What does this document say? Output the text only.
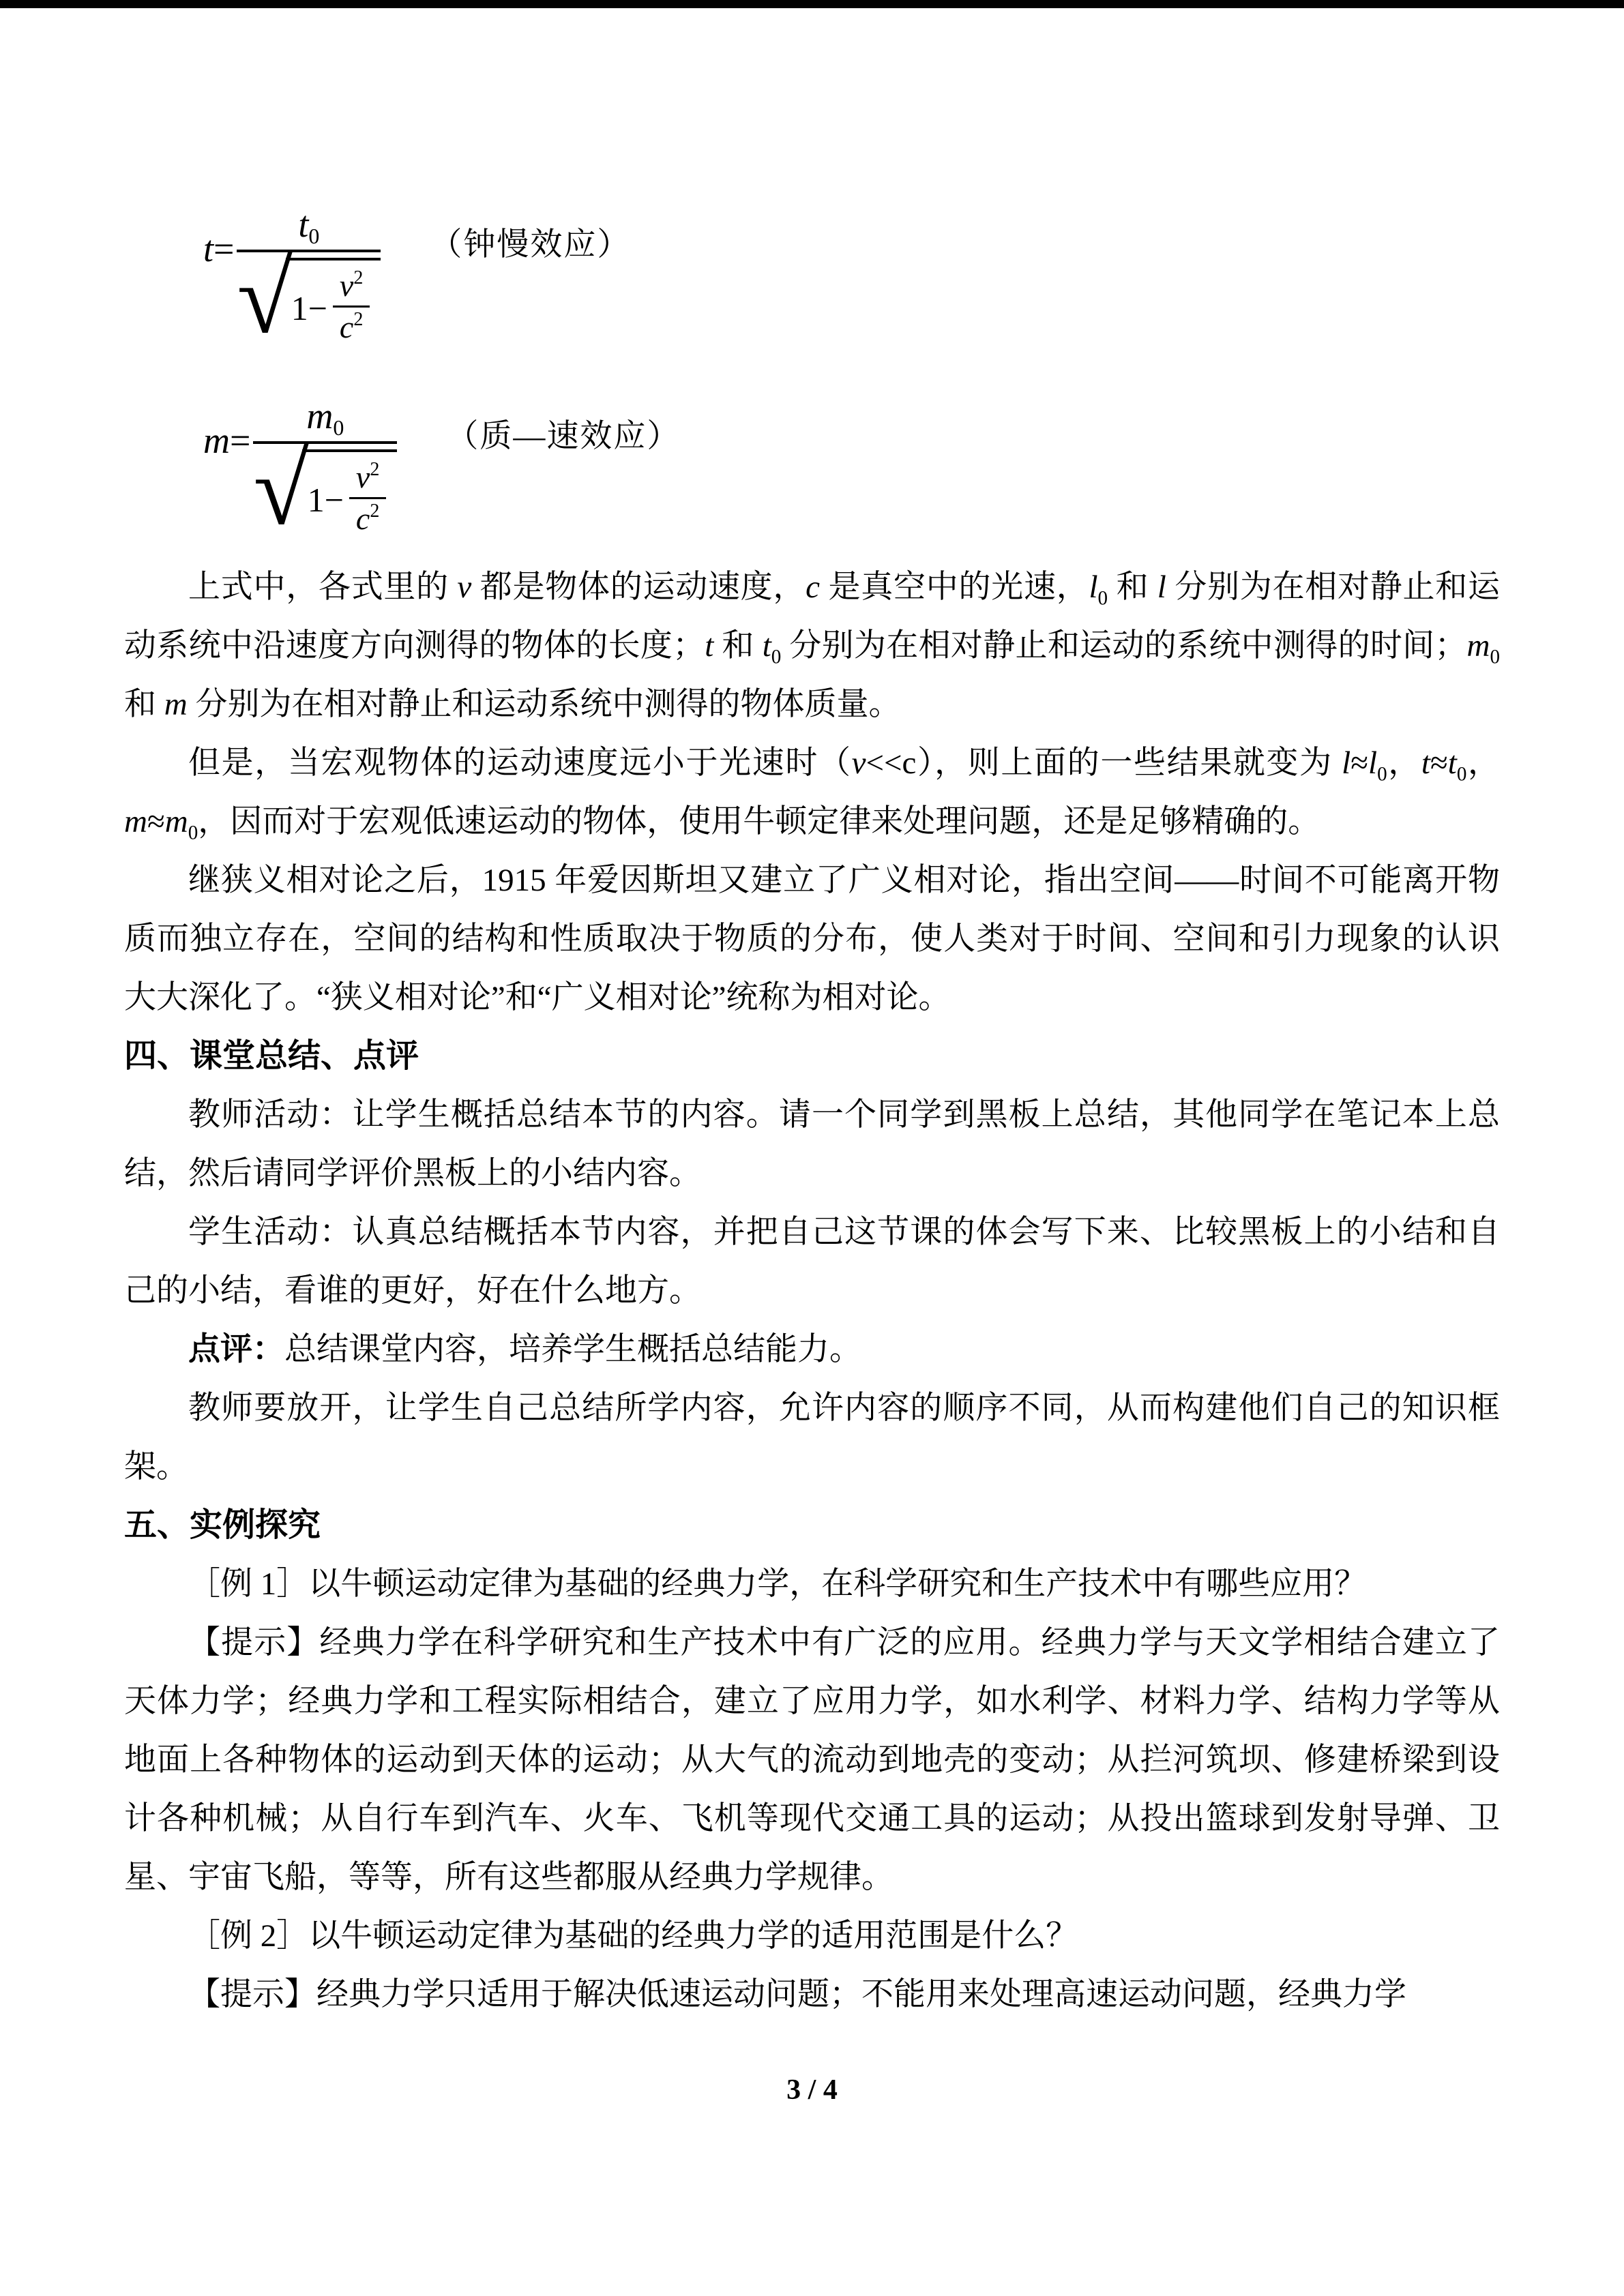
t =
$t_0$
√
$1- \frac{v^2}{c^2}$
（钟慢效应）
m =
$m_0$
√
$1- \frac{v^2}{c^2}$
（质—速效应）

上式中，各式里的 v 都是物体的运动速度，c 是真空中的光速，$l_0$ 和 l 分别为在相对静止和运动系统中沿速度方向测得的物体的长度；t 和 $t_0$ 分别为在相对静止和运动的系统中测得的时间；$m_0$ 和 m 分别为在相对静止和运动系统中测得的物体质量。

但是，当宏观物体的运动速度远小于光速时（v<<c），则上面的一些结果就变为 $l\approx l_0$，$t\approx t_0$，$m\approx m_0$，因而对于宏观低速运动的物体，使用牛顿定律来处理问题，还是足够精确的。

继狭义相对论之后，1915 年爱因斯坦又建立了广义相对论，指出空间——时间不可能离开物质而独立存在，空间的结构和性质取决于物质的分布，使人类对于时间、空间和引力现象的认识大大深化了。“狭义相对论”和“广义相对论”统称为相对论。

四、课堂总结、点评

教师活动：让学生概括总结本节的内容。请一个同学到黑板上总结，其他同学在笔记本上总结，然后请同学评价黑板上的小结内容。

学生活动：认真总结概括本节内容，并把自己这节课的体会写下来、比较黑板上的小结和自己的小结，看谁的更好，好在什么地方。

点评：总结课堂内容，培养学生概括总结能力。

教师要放开，让学生自己总结所学内容，允许内容的顺序不同，从而构建他们自己的知识框架。

五、实例探究

［例 1］以牛顿运动定律为基础的经典力学，在科学研究和生产技术中有哪些应用？

【提示】经典力学在科学研究和生产技术中有广泛的应用。经典力学与天文学相结合建立了天体力学；经典力学和工程实际相结合，建立了应用力学，如水利学、材料力学、结构力学等从地面上各种物体的运动到天体的运动；从大气的流动到地壳的变动；从拦河筑坝、修建桥梁到设计各种机械；从自行车到汽车、火车、飞机等现代交通工具的运动；从投出篮球到发射导弹、卫星、宇宙飞船，等等，所有这些都服从经典力学规律。

［例 2］以牛顿运动定律为基础的经典力学的适用范围是什么？

【提示】经典力学只适用于解决低速运动问题；不能用来处理高速运动问题，经典力学

3 / 4
